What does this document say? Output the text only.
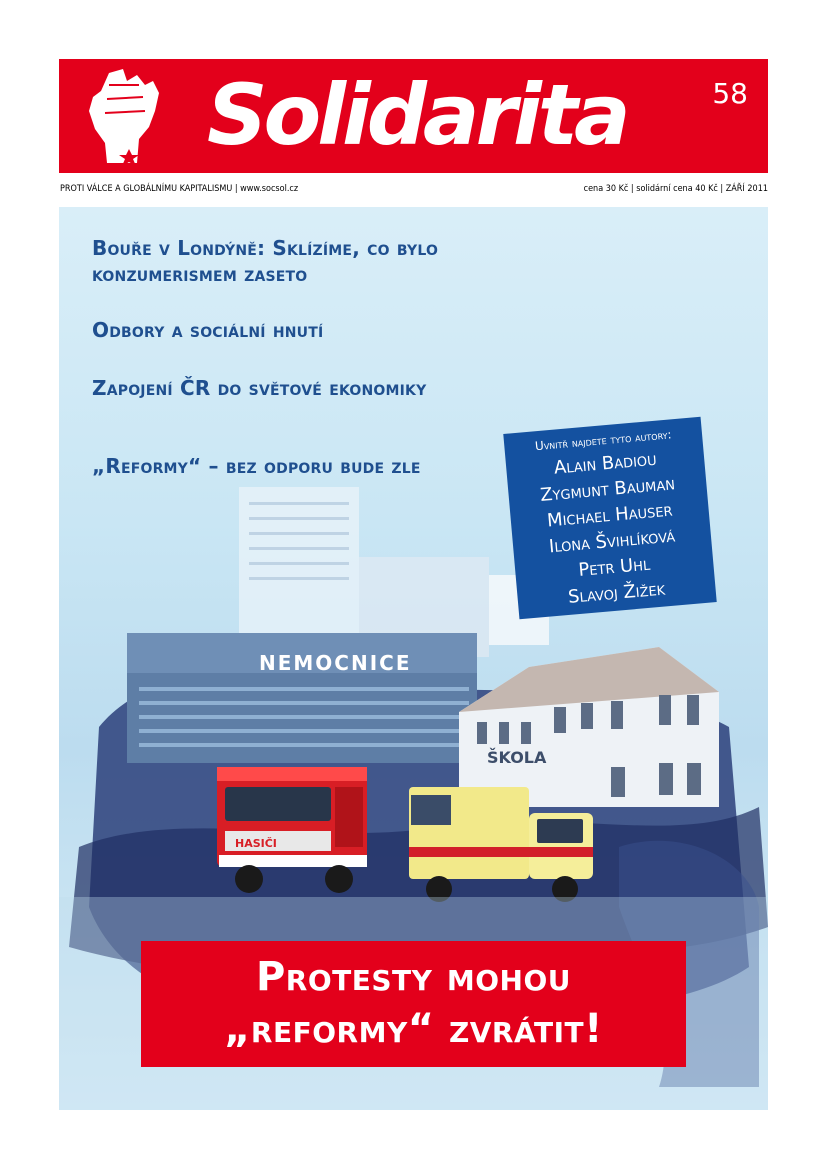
Solidarita	58
PROTI VÁLCE A GLOBÁLNÍMU KAPITALISMU | www.socsol.cz	cena 30 Kč | solidární cena 40 Kč | ZÁŘÍ 2011
NEMOCNICE
ŠKOLA
HASIČI
Bouře v Londýně: Sklízíme, co bylo konzumerismem zaseto
Odbory a sociální hnutí
Zapojení ČR do světové ekonomiky
„Reformy“ – bez odporu bude zle
Uvnitř najdete tyto autory:
Alain Badiou
Zygmunt Bauman
Michael Hauser
Ilona Švihlíková
Petr Uhl
Slavoj Žižek
Protesty mohou
„reformy“ zvrátit!
